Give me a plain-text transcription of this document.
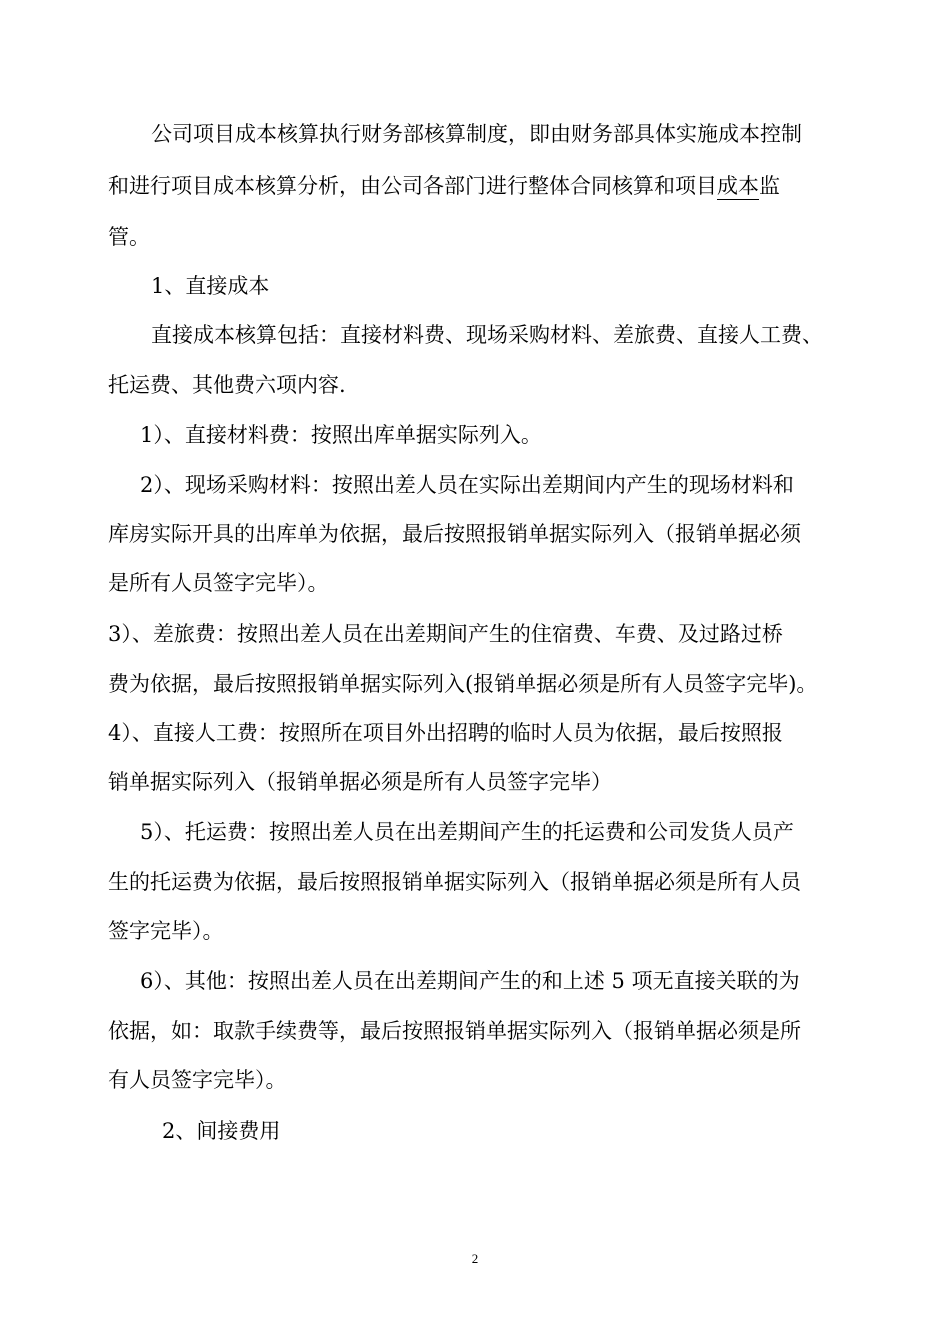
公司项目成本核算执行财务部核算制度，即由财务部具体实施成本控制
和进行项目成本核算分析，由公司各部门进行整体合同核算和项目成本监
管。
1、直接成本
直接成本核算包括：直接材料费、现场采购材料、差旅费、直接人工费、
托运费、其他费六项内容.
1）、直接材料费：按照出库单据实际列入。
2）、现场采购材料：按照出差人员在实际出差期间内产生的现场材料和
库房实际开具的出库单为依据，最后按照报销单据实际列入（报销单据必须
是所有人员签字完毕）。
3）、差旅费：按照出差人员在出差期间产生的住宿费、车费、及过路过桥
费为依据，最后按照报销单据实际列入(报销单据必须是所有人员签字完毕)。
4）、直接人工费：按照所在项目外出招聘的临时人员为依据，最后按照报
销单据实际列入（报销单据必须是所有人员签字完毕）
5）、托运费：按照出差人员在出差期间产生的托运费和公司发货人员产
生的托运费为依据，最后按照报销单据实际列入（报销单据必须是所有人员
签字完毕）。
6）、其他：按照出差人员在出差期间产生的和上述 5 项无直接关联的为
依据，如：取款手续费等，最后按照报销单据实际列入（报销单据必须是所
有人员签字完毕）。
2、间接费用
2
